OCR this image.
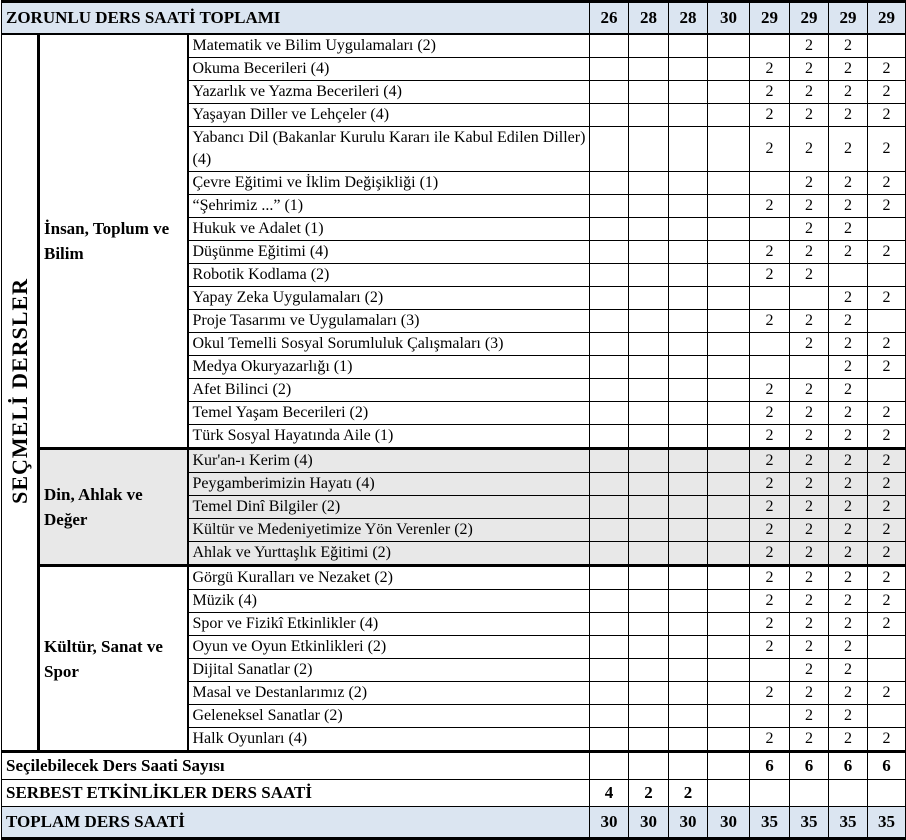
ZORUNLU DERS SAATİ TOPLAMI			26	28	28	30	29	29	29	29
SEÇMELİ DERSLER	İnsan, Toplum ve Bilim	Matematik ve Bilim Uygulamaları (2)						2	2	
		Okuma Becerileri (4)					2	2	2	2
		Yazarlık ve Yazma Becerileri (4)					2	2	2	2
		Yaşayan Diller ve Lehçeler (4)					2	2	2	2
		Yabancı Dil (Bakanlar Kurulu Kararı ile Kabul Edilen Diller) (4)					2	2	2	2
		Çevre Eğitimi ve İklim Değişikliği (1)						2	2	2
		“Şehrimiz ...” (1)					2	2	2	2
		Hukuk ve Adalet (1)						2	2	
		Düşünme Eğitimi (4)					2	2	2	2
		Robotik Kodlama (2)					2	2		
		Yapay Zeka Uygulamaları (2)							2	2
		Proje Tasarımı ve Uygulamaları (3)					2	2	2	
		Okul Temelli Sosyal Sorumluluk Çalışmaları (3)						2	2	2
		Medya Okuryazarlığı (1)							2	2
		Afet Bilinci (2)					2	2	2	
		Temel Yaşam Becerileri (2)					2	2	2	2
		Türk Sosyal Hayatında Aile (1)					2	2	2	2
	Din, Ahlak ve Değer	Kur'an-ı Kerim (4)					2	2	2	2
		Peygamberimizin Hayatı (4)					2	2	2	2
		Temel Dinî Bilgiler (2)					2	2	2	2
		Kültür ve Medeniyetimize Yön Verenler (2)					2	2	2	2
		Ahlak ve Yurttaşlık Eğitimi (2)					2	2	2	2
	Kültür, Sanat ve Spor	Görgü Kuralları ve Nezaket (2)					2	2	2	2
		Müzik (4)					2	2	2	2
		Spor ve Fizikî Etkinlikler (4)					2	2	2	2
		Oyun ve Oyun Etkinlikleri (2)					2	2	2	
		Dijital Sanatlar (2)						2	2	
		Masal ve Destanlarımız (2)					2	2	2	2
		Geleneksel Sanatlar (2)						2	2	
		Halk Oyunları (4)					2	2	2	2
Seçilebilecek Ders Saati Sayısı							6	6	6	6
SERBEST ETKİNLİKLER DERS SAATİ			4	2	2					
TOPLAM DERS SAATİ			30	30	30	30	35	35	35	35
